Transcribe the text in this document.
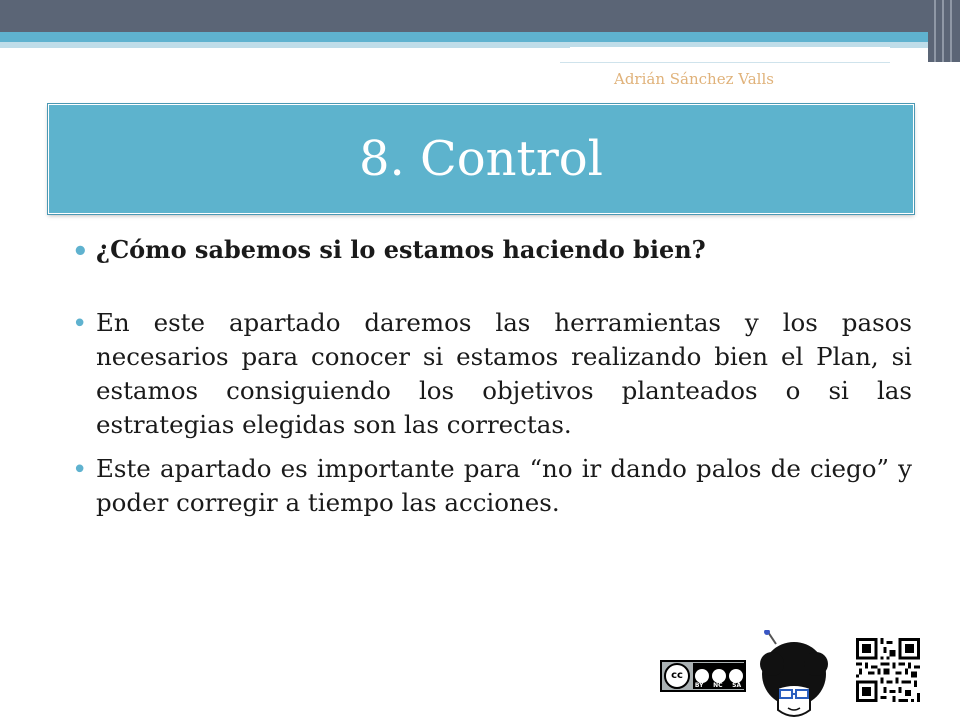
Adrián Sánchez Valls
8. Control
• ¿Cómo sabemos si lo estamos haciendo bien?
• En este apartado daremos las herramientas y los pasos necesarios para conocer si estamos realizando bien el Plan, si estamos consiguiendo los objetivos planteados o si las estrategias elegidas son las correctas.
• Este apartado es importante para “no ir dando palos de ciego” y poder corregir a tiempo las acciones.
cc
BY NC SA
